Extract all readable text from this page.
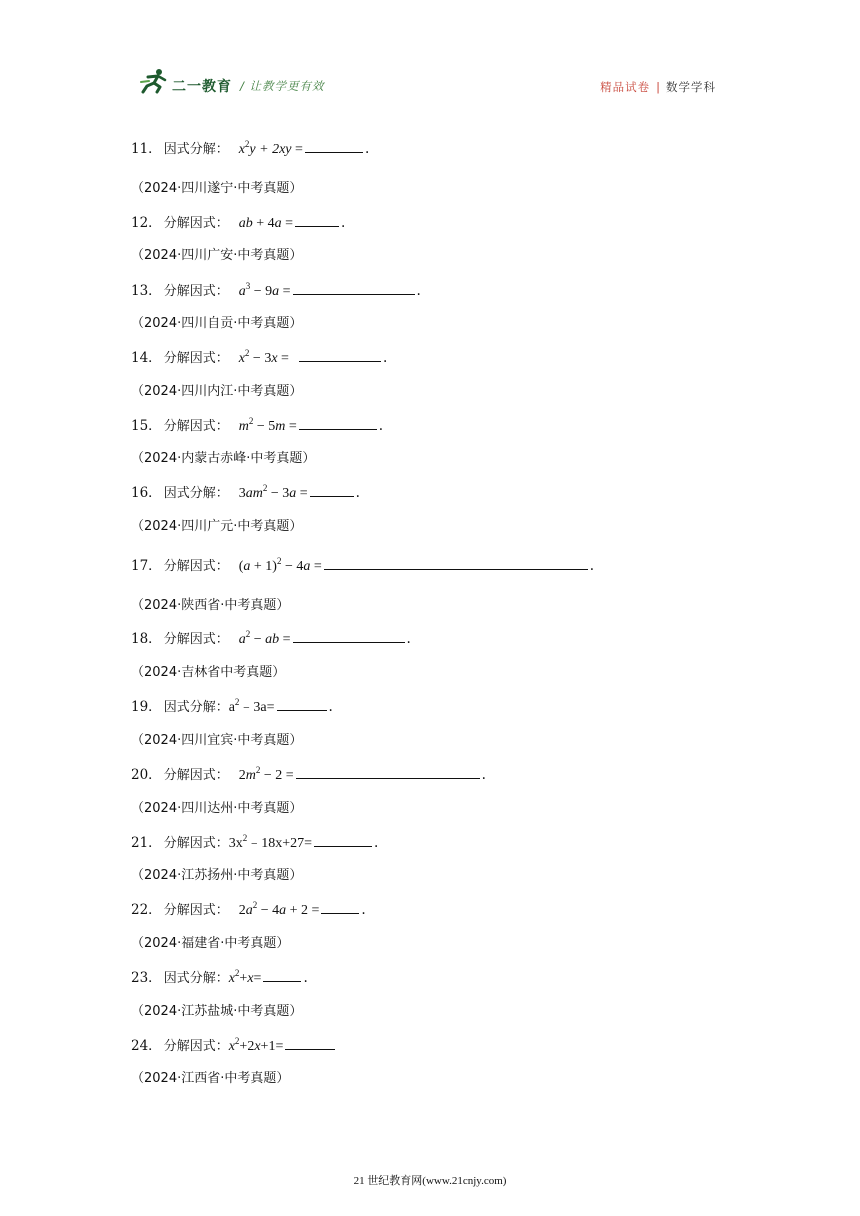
二一教育 / 让教学更有效	精品试卷 | 数学学科
11． 因式分解： $x^2y + 2xy$ =	.
（2024·四川遂宁·中考真题）
12． 分解因式： ab + 4a =	.
（2024·四川广安·中考真题）
13． 分解因式： $a^3 - 9a$ =	.
（2024·四川自贡·中考真题）
14． 分解因式： $x^2 - 3x$ =	.
（2024·四川内江·中考真题）
15． 分解因式： $m^2 - 5m$ =	.
（2024·内蒙古赤峰·中考真题）
16． 因式分解： $3am^2 - 3a$ =	.
（2024·四川广元·中考真题）
17． 分解因式： $(a + 1)^2 - 4a$ =	.
（2024·陕西省·中考真题）
18． 分解因式： $a^2$ − ab =	.
（2024·吉林省中考真题）
19． 因式分解： $a^2﹣3a=$	.
（2024·四川宜宾·中考真题）
20． 分解因式： $2m^2 - 2$ =	.
（2024·四川达州·中考真题）
21． 分解因式： $3x^2﹣18x+27=$	.
（2024·江苏扬州·中考真题）
22． 分解因式： $2a^2 - 4a + 2$ =	.
（2024·福建省·中考真题）
23． 因式分解： $x^2+x=$	.
（2024·江苏盐城·中考真题）
24． 分解因式： $x^2+2x+1=$
（2024·江西省·中考真题）
21 世纪教育网(www.21cnjy.com)
